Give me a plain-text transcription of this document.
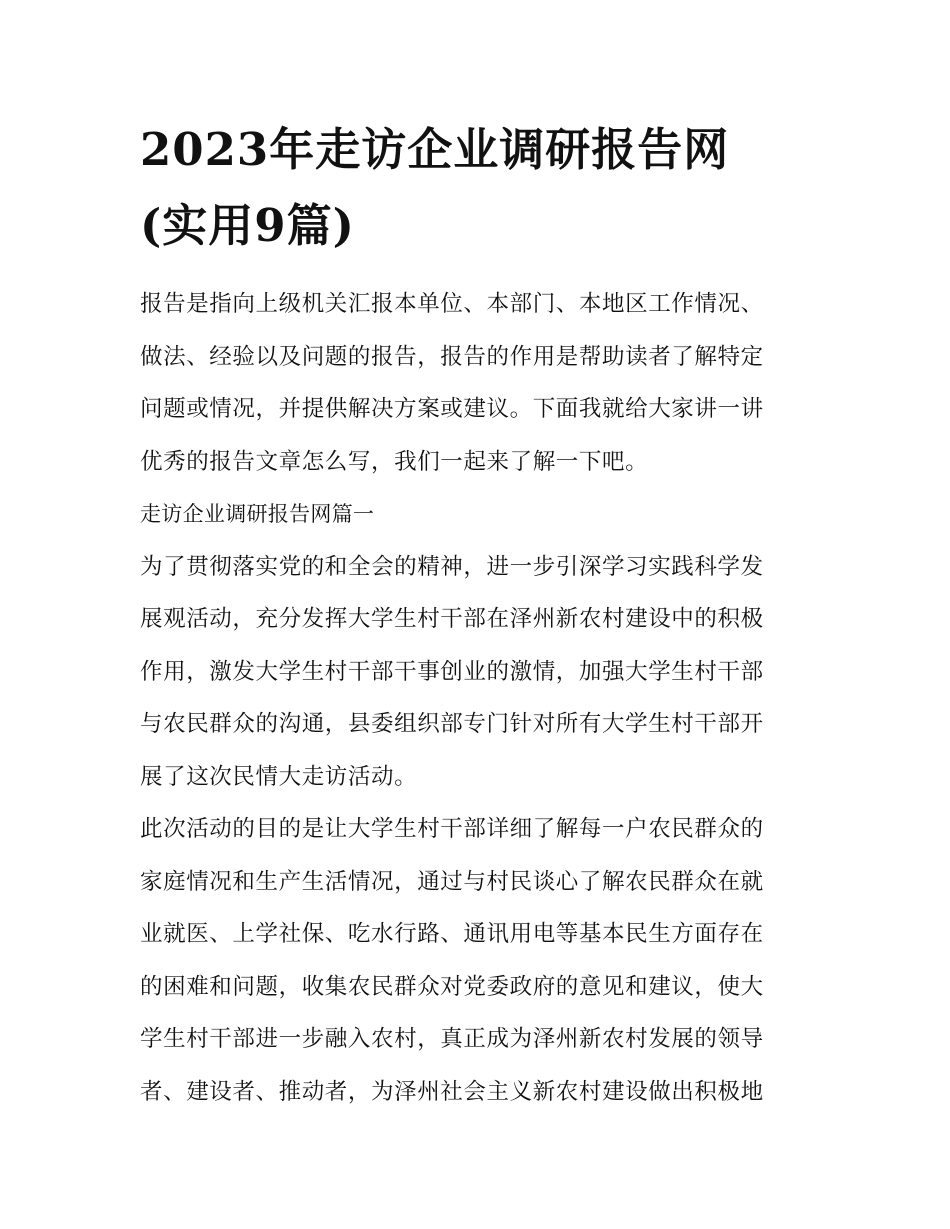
2023年走访企业调研报告网
(实用9篇)

报告是指向上级机关汇报本单位、本部门、本地区工作情况、
做法、经验以及问题的报告，报告的作用是帮助读者了解特定
问题或情况，并提供解决方案或建议。下面我就给大家讲一讲
优秀的报告文章怎么写，我们一起来了解一下吧。

走访企业调研报告网篇一

为了贯彻落实党的和全会的精神，进一步引深学习实践科学发
展观活动，充分发挥大学生村干部在泽州新农村建设中的积极
作用，激发大学生村干部干事创业的激情，加强大学生村干部
与农民群众的沟通，县委组织部专门针对所有大学生村干部开
展了这次民情大走访活动。

此次活动的目的是让大学生村干部详细了解每一户农民群众的
家庭情况和生产生活情况，通过与村民谈心了解农民群众在就
业就医、上学社保、吃水行路、通讯用电等基本民生方面存在
的困难和问题，收集农民群众对党委政府的意见和建议，使大
学生村干部进一步融入农村，真正成为泽州新农村发展的领导
者、建设者、推动者，为泽州社会主义新农村建设做出积极地
